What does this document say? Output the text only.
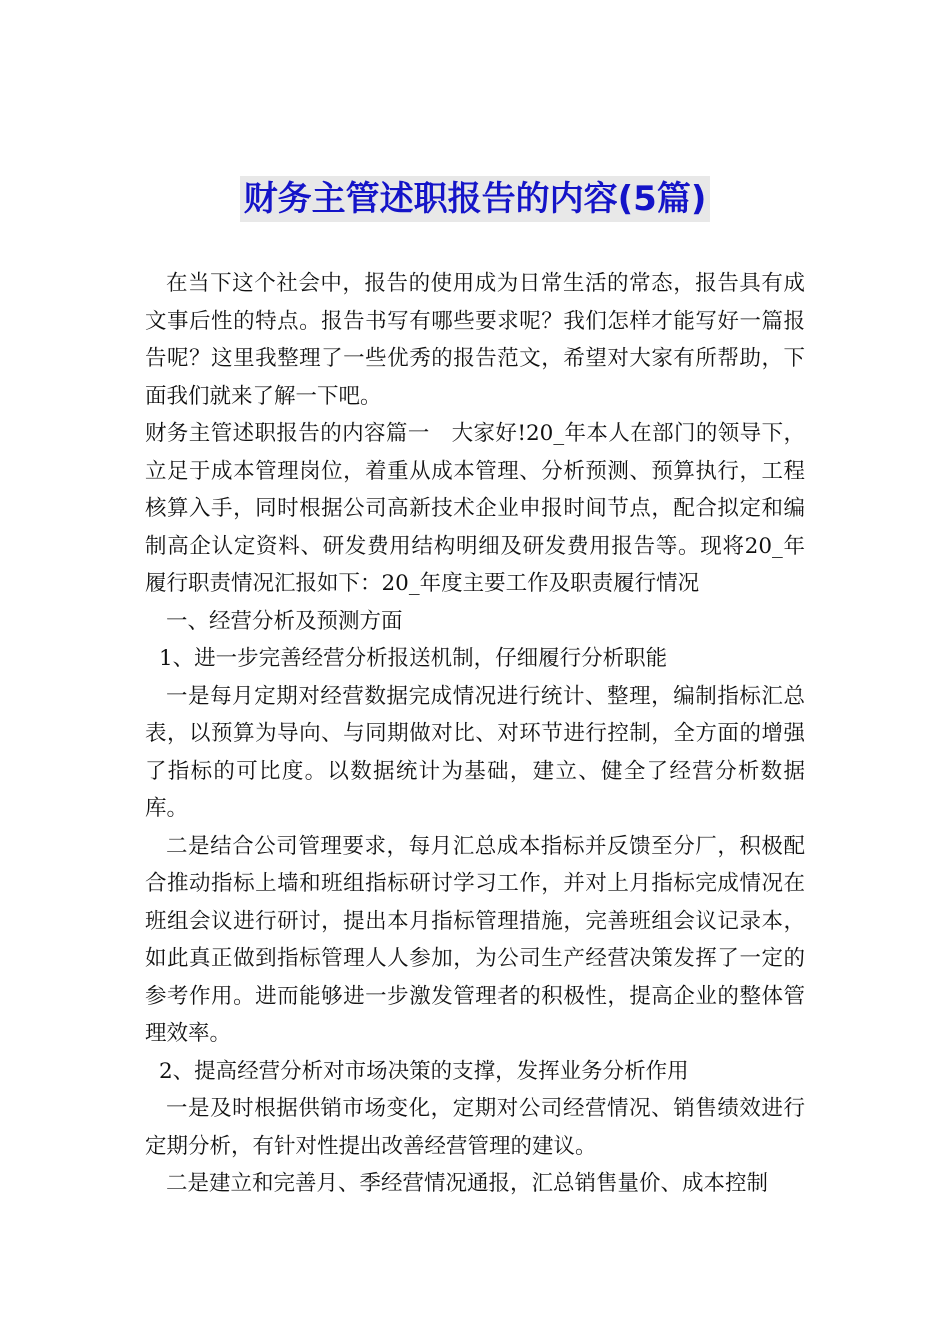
财务主管述职报告的内容(5篇)

在当下这个社会中，报告的使用成为日常生活的常态，报告具有成文事后性的特点。报告书写有哪些要求呢？我们怎样才能写好一篇报告呢？这里我整理了一些优秀的报告范文，希望对大家有所帮助，下面我们就来了解一下吧。

财务主管述职报告的内容篇一　大家好!20_年本人在部门的领导下，立足于成本管理岗位，着重从成本管理、分析预测、预算执行，工程核算入手，同时根据公司高新技术企业申报时间节点，配合拟定和编制高企认定资料、研发费用结构明细及研发费用报告等。现将20_年履行职责情况汇报如下：20_年度主要工作及职责履行情况

一、经营分析及预测方面

1、进一步完善经营分析报送机制，仔细履行分析职能

一是每月定期对经营数据完成情况进行统计、整理，编制指标汇总表，以预算为导向、与同期做对比、对环节进行控制，全方面的增强了指标的可比度。以数据统计为基础，建立、健全了经营分析数据库。

二是结合公司管理要求，每月汇总成本指标并反馈至分厂，积极配合推动指标上墙和班组指标研讨学习工作，并对上月指标完成情况在班组会议进行研讨，提出本月指标管理措施，完善班组会议记录本，如此真正做到指标管理人人参加，为公司生产经营决策发挥了一定的参考作用。进而能够进一步激发管理者的积极性，提高企业的整体管理效率。

2、提高经营分析对市场决策的支撑，发挥业务分析作用

一是及时根据供销市场变化，定期对公司经营情况、销售绩效进行定期分析，有针对性提出改善经营管理的建议。

二是建立和完善月、季经营情况通报，汇总销售量价、成本控制
